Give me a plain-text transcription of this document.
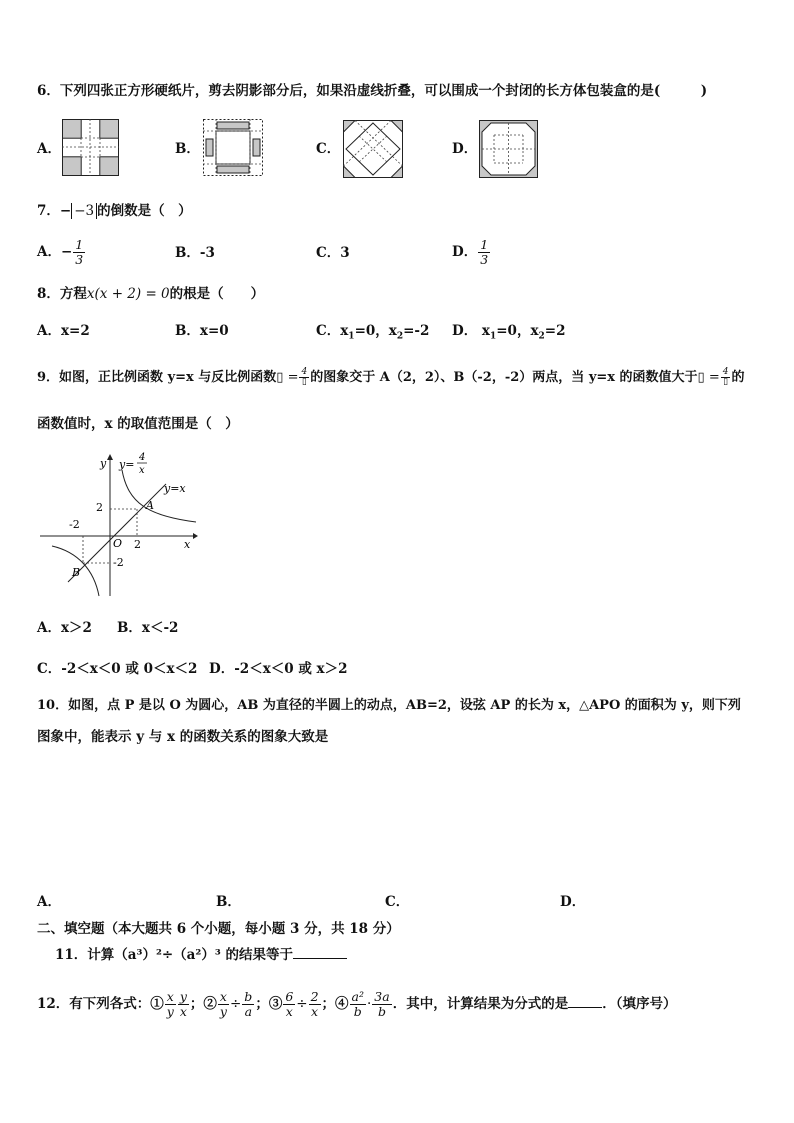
6．下列四张正方形硬纸片，剪去阴影部分后，如果沿虚线折叠，可以围成一个封闭的长方体包装盒的是(　　　)
A．	B．	C．	D．
7．− −3 的倒数是（　）
A．− $\frac{1}{3}$	B．-3	C．3	D． $\frac{1}{3}$
8．方程x(x + 2) = 0的根是（　　）
A．x=2	B．x=0	C．$x_1=0$，$x_2=-2$ D． $x_1=0$，$x_2=2$
9．如图，正比例函数 y=x 与反比例函数▯ = $\frac{4}{▯}$ 的图象交于 A（2，2）、B（-2，-2）两点，当 y=x 的函数值大于▯ = $\frac{4}{▯}$ 的
函数值时，x 的取值范围是（　）
y
x
O
y=
4
x
y=x
A
B
2
-2
2
-2
A．x＞2 B．x＜-2
C．-2＜x＜0 或 0＜x＜2 D．-2＜x＜0 或 x＞2
10．如图，点 P 是以 O 为圆心，AB 为直径的半圆上的动点，AB=2，设弦 AP 的长为 x，△APO 的面积为 y，则下列
图象中，能表示 y 与 x 的函数关系的图象大致是
A．	B．	C．	D．
二、填空题（本大题共 6 个小题，每小题 3 分，共 18 分）
11．计算（a³）²÷（a²）³ 的结果等于
12．有下列各式：① $\frac{x}{y} \frac{y}{x}$ ；② $\frac{x}{y} \div \frac{b}{a}$ ；③ $\frac{6}{x} \div \frac{2}{x}$ ；④ $\frac{\text{a²}}{b} \cdot \frac{3a}{b}$ ．其中，计算结果为分式的是	．（填序号）
